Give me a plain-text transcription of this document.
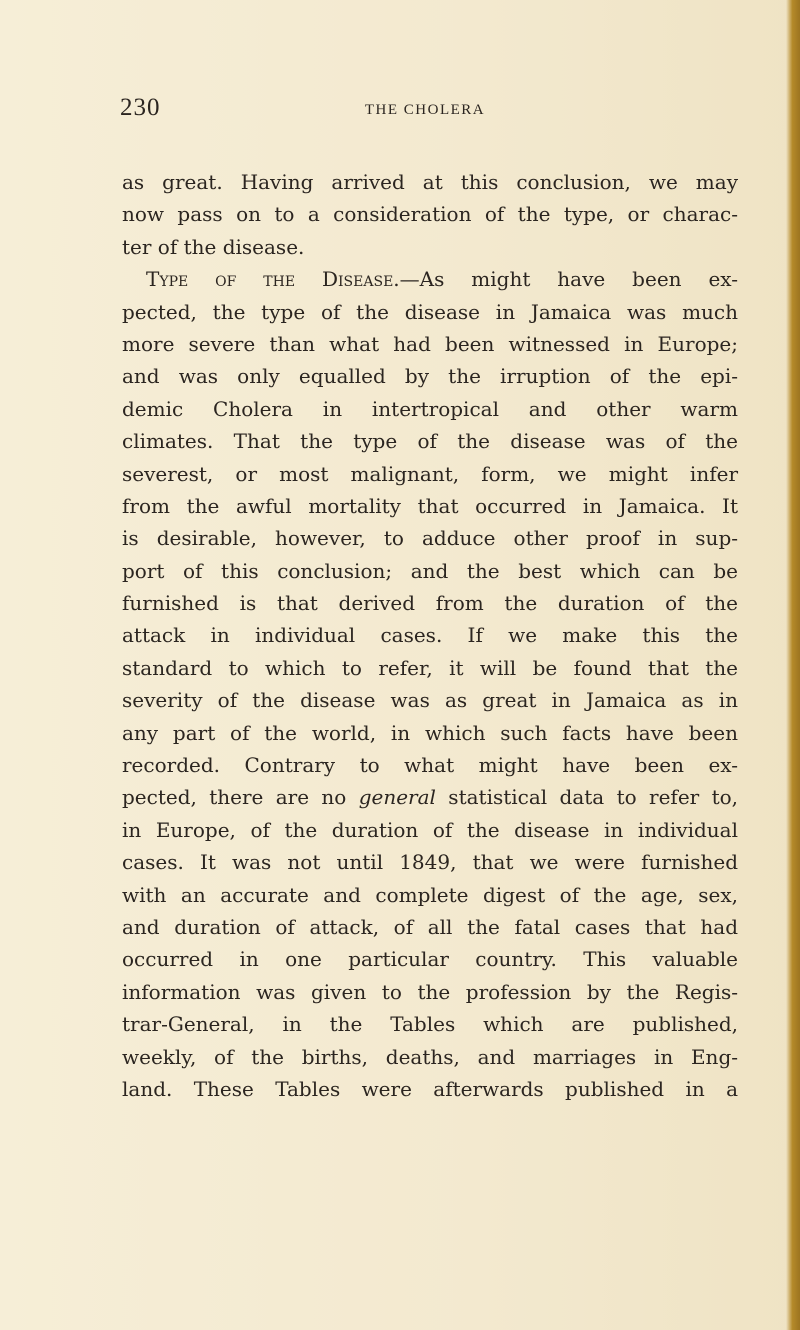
230	THE CHOLERA
as great. Having arrived at this conclusion, we may
now pass on to a consideration of the type, or charac-
ter of the disease.
Type of the Disease.—As might have been ex-
pected, the type of the disease in Jamaica was much
more severe than what had been witnessed in Europe;
and was only equalled by the irruption of the epi-
demic Cholera in intertropical and other warm
climates. That the type of the disease was of the
severest, or most malignant, form, we might infer
from the awful mortality that occurred in Jamaica. It
is desirable, however, to adduce other proof in sup-
port of this conclusion; and the best which can be
furnished is that derived from the duration of the
attack in individual cases. If we make this the
standard to which to refer, it will be found that the
severity of the disease was as great in Jamaica as in
any part of the world, in which such facts have been
recorded. Contrary to what might have been ex-
pected, there are no general statistical data to refer to,
in Europe, of the duration of the disease in individual
cases. It was not until 1849, that we were furnished
with an accurate and complete digest of the age, sex,
and duration of attack, of all the fatal cases that had
occurred in one particular country. This valuable
information was given to the profession by the Regis-
trar-General, in the Tables which are published,
weekly, of the births, deaths, and marriages in Eng-
land. These Tables were afterwards published in a
